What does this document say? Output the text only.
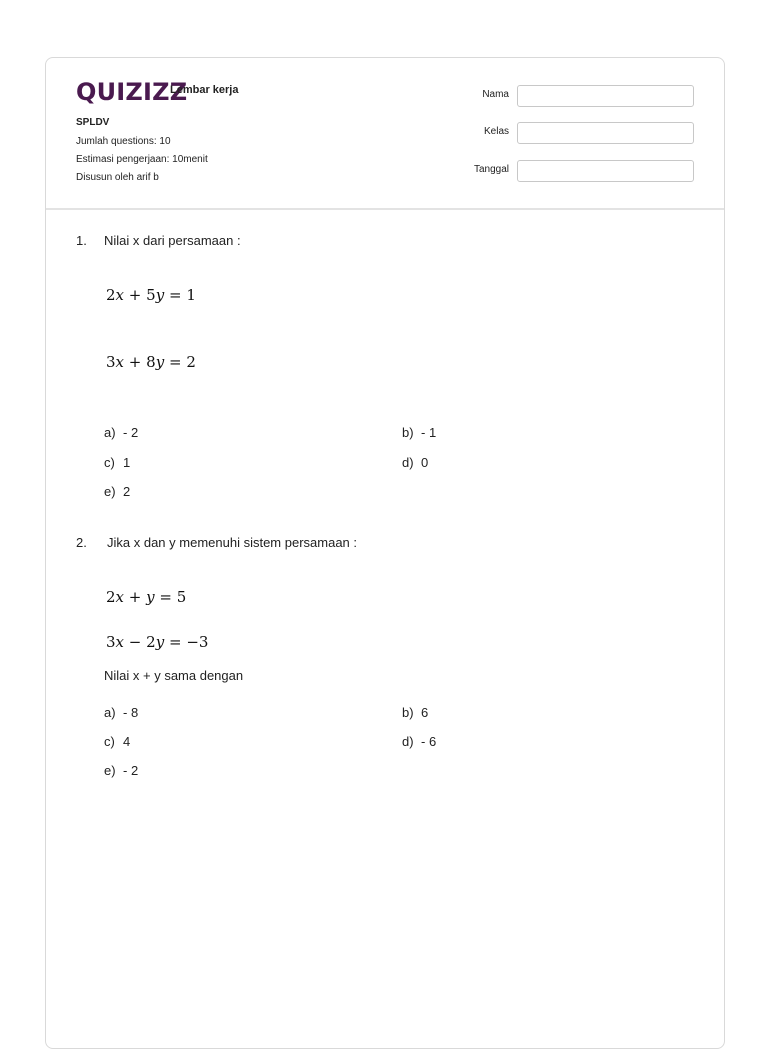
QUIZIZZ
Lembar kerja
SPLDV
Jumlah questions: 10
Estimasi pengerjaan: 10menit
Disusun oleh arif b
Nama
Kelas
Tanggal
1. Nilai x dari persamaan :
2x + 5y = 1
3x + 8y = 2
a) - 2	b) - 1
c) 1	d) 0
e) 2
2. Jika x dan y memenuhi sistem persamaan :
2x + y = 5
3x − 2y = −3
Nilai x + y sama dengan
a) - 8	b) 6
c) 4	d) - 6
e) - 2
